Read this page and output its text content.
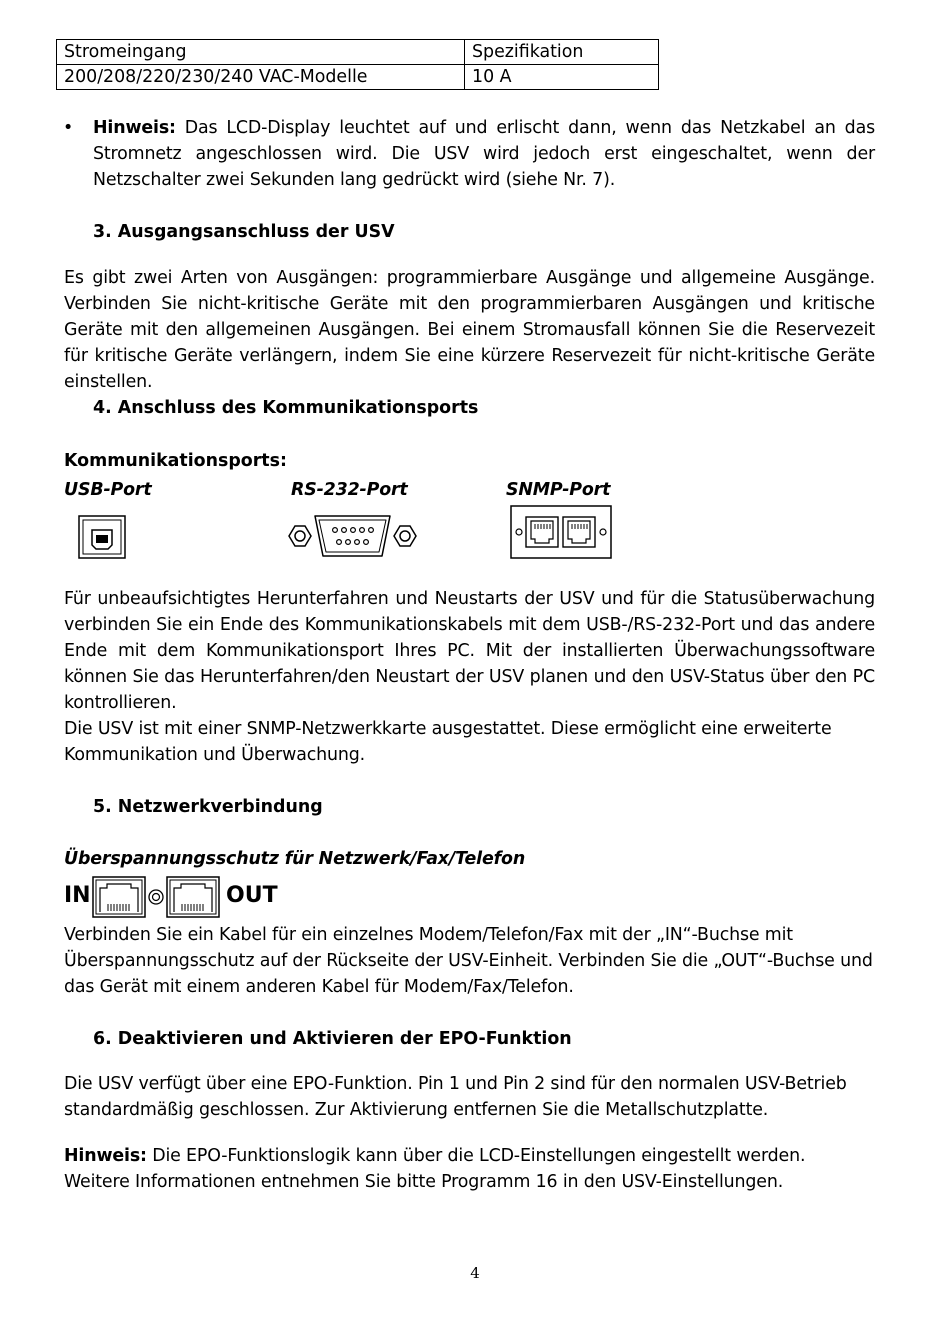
Stromeingang	Spezifikation
200/208/220/230/240 VAC-Modelle	10 A
• Hinweis: Das LCD-Display leuchtet auf und erlischt dann, wenn das Netzkabel an das Stromnetz angeschlossen wird. Die USV wird jedoch erst eingeschaltet, wenn der Netzschalter zwei Sekunden lang gedrückt wird (siehe Nr. 7).
3. Ausgangsanschluss der USV
Es gibt zwei Arten von Ausgängen: programmierbare Ausgänge und allgemeine Ausgänge. Verbinden Sie nicht-kritische Geräte mit den programmierbaren Ausgängen und kritische Geräte mit den allgemeinen Ausgängen. Bei einem Stromausfall können Sie die Reservezeit für kritische Geräte verlängern, indem Sie eine kürzere Reservezeit für nicht-kritische Geräte einstellen.
4. Anschluss des Kommunikationsports
Kommunikationsports:
USB-Port	RS-232-Port	SNMP-Port
Für unbeaufsichtigtes Herunterfahren und Neustarts der USV und für die Statusüberwachung verbinden Sie ein Ende des Kommunikationskabels mit dem USB-/RS-232-Port und das andere Ende mit dem Kommunikationsport Ihres PC. Mit der installierten Überwachungssoftware können Sie das Herunterfahren/den Neustart der USV planen und den USV-Status über den PC kontrollieren.
Die USV ist mit einer SNMP-Netzwerkkarte ausgestattet. Diese ermöglicht eine erweiterte Kommunikation und Überwachung.
5. Netzwerkverbindung
Überspannungsschutz für Netzwerk/Fax/Telefon
IN	OUT
Verbinden Sie ein Kabel für ein einzelnes Modem/Telefon/Fax mit der „IN“-Buchse mit Überspannungsschutz auf der Rückseite der USV-Einheit. Verbinden Sie die „OUT“-Buchse und das Gerät mit einem anderen Kabel für Modem/Fax/Telefon.
6. Deaktivieren und Aktivieren der EPO-Funktion
Die USV verfügt über eine EPO-Funktion. Pin 1 und Pin 2 sind für den normalen USV-Betrieb standardmäßig geschlossen. Zur Aktivierung entfernen Sie die Metallschutzplatte.
Hinweis: Die EPO-Funktionslogik kann über die LCD-Einstellungen eingestellt werden. Weitere Informationen entnehmen Sie bitte Programm 16 in den USV-Einstellungen.
4
